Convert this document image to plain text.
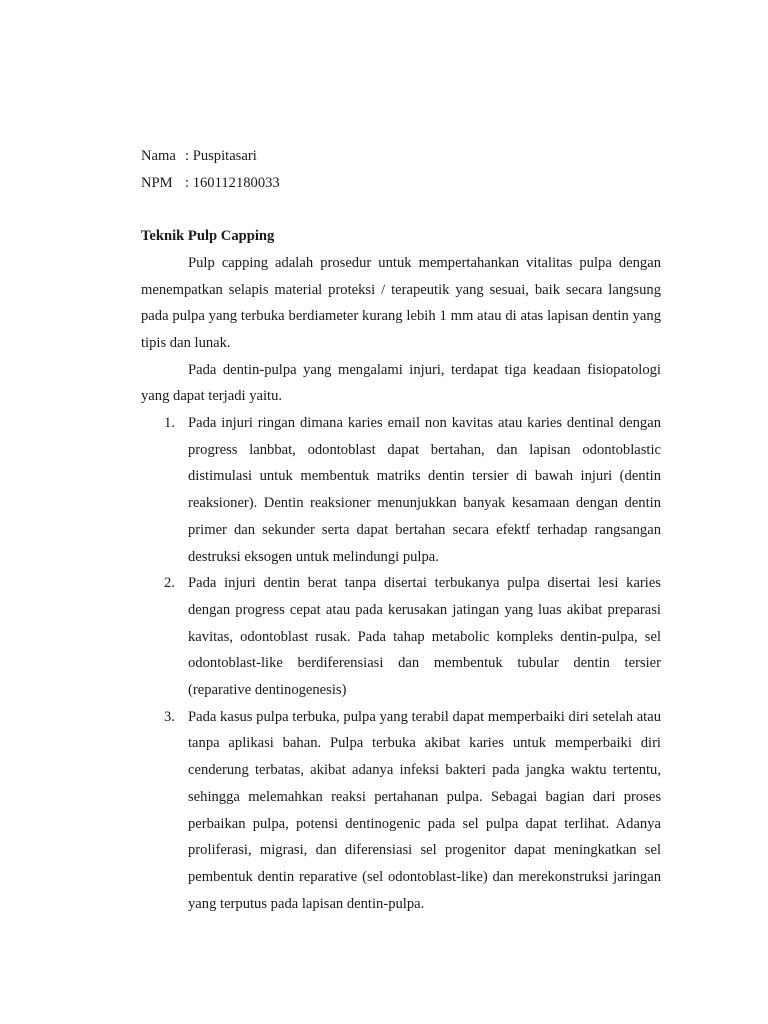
Nama : Puspitasari
NPM : 160112180033
Teknik Pulp Capping

Pulp capping adalah prosedur untuk mempertahankan vitalitas pulpa dengan menempatkan selapis material proteksi / terapeutik yang sesuai, baik secara langsung pada pulpa yang terbuka berdiameter kurang lebih 1 mm atau di atas lapisan dentin yang tipis dan lunak.

Pada dentin-pulpa yang mengalami injuri, terdapat tiga keadaan fisiopatologi yang dapat terjadi yaitu.

1. Pada injuri ringan dimana karies email non kavitas atau karies dentinal dengan progress lanbbat, odontoblast dapat bertahan, dan lapisan odontoblastic distimulasi untuk membentuk matriks dentin tersier di bawah injuri (dentin reaksioner). Dentin reaksioner menunjukkan banyak kesamaan dengan dentin primer dan sekunder serta dapat bertahan secara efektf terhadap rangsangan destruksi eksogen untuk melindungi pulpa.
2. Pada injuri dentin berat tanpa disertai terbukanya pulpa disertai lesi karies dengan progress cepat atau pada kerusakan jatingan yang luas akibat preparasi kavitas, odontoblast rusak. Pada tahap metabolic kompleks dentin-pulpa, sel odontoblast-like berdiferensiasi dan membentuk tubular dentin tersier (reparative dentinogenesis)
3. Pada kasus pulpa terbuka, pulpa yang terabil dapat memperbaiki diri setelah atau tanpa aplikasi bahan. Pulpa terbuka akibat karies untuk memperbaiki diri cenderung terbatas, akibat adanya infeksi bakteri pada jangka waktu tertentu, sehingga melemahkan reaksi pertahanan pulpa. Sebagai bagian dari proses perbaikan pulpa, potensi dentinogenic pada sel pulpa dapat terlihat. Adanya proliferasi, migrasi, dan diferensiasi sel progenitor dapat meningkatkan sel pembentuk dentin reparative (sel odontoblast-like) dan merekonstruksi jaringan yang terputus pada lapisan dentin-pulpa.
